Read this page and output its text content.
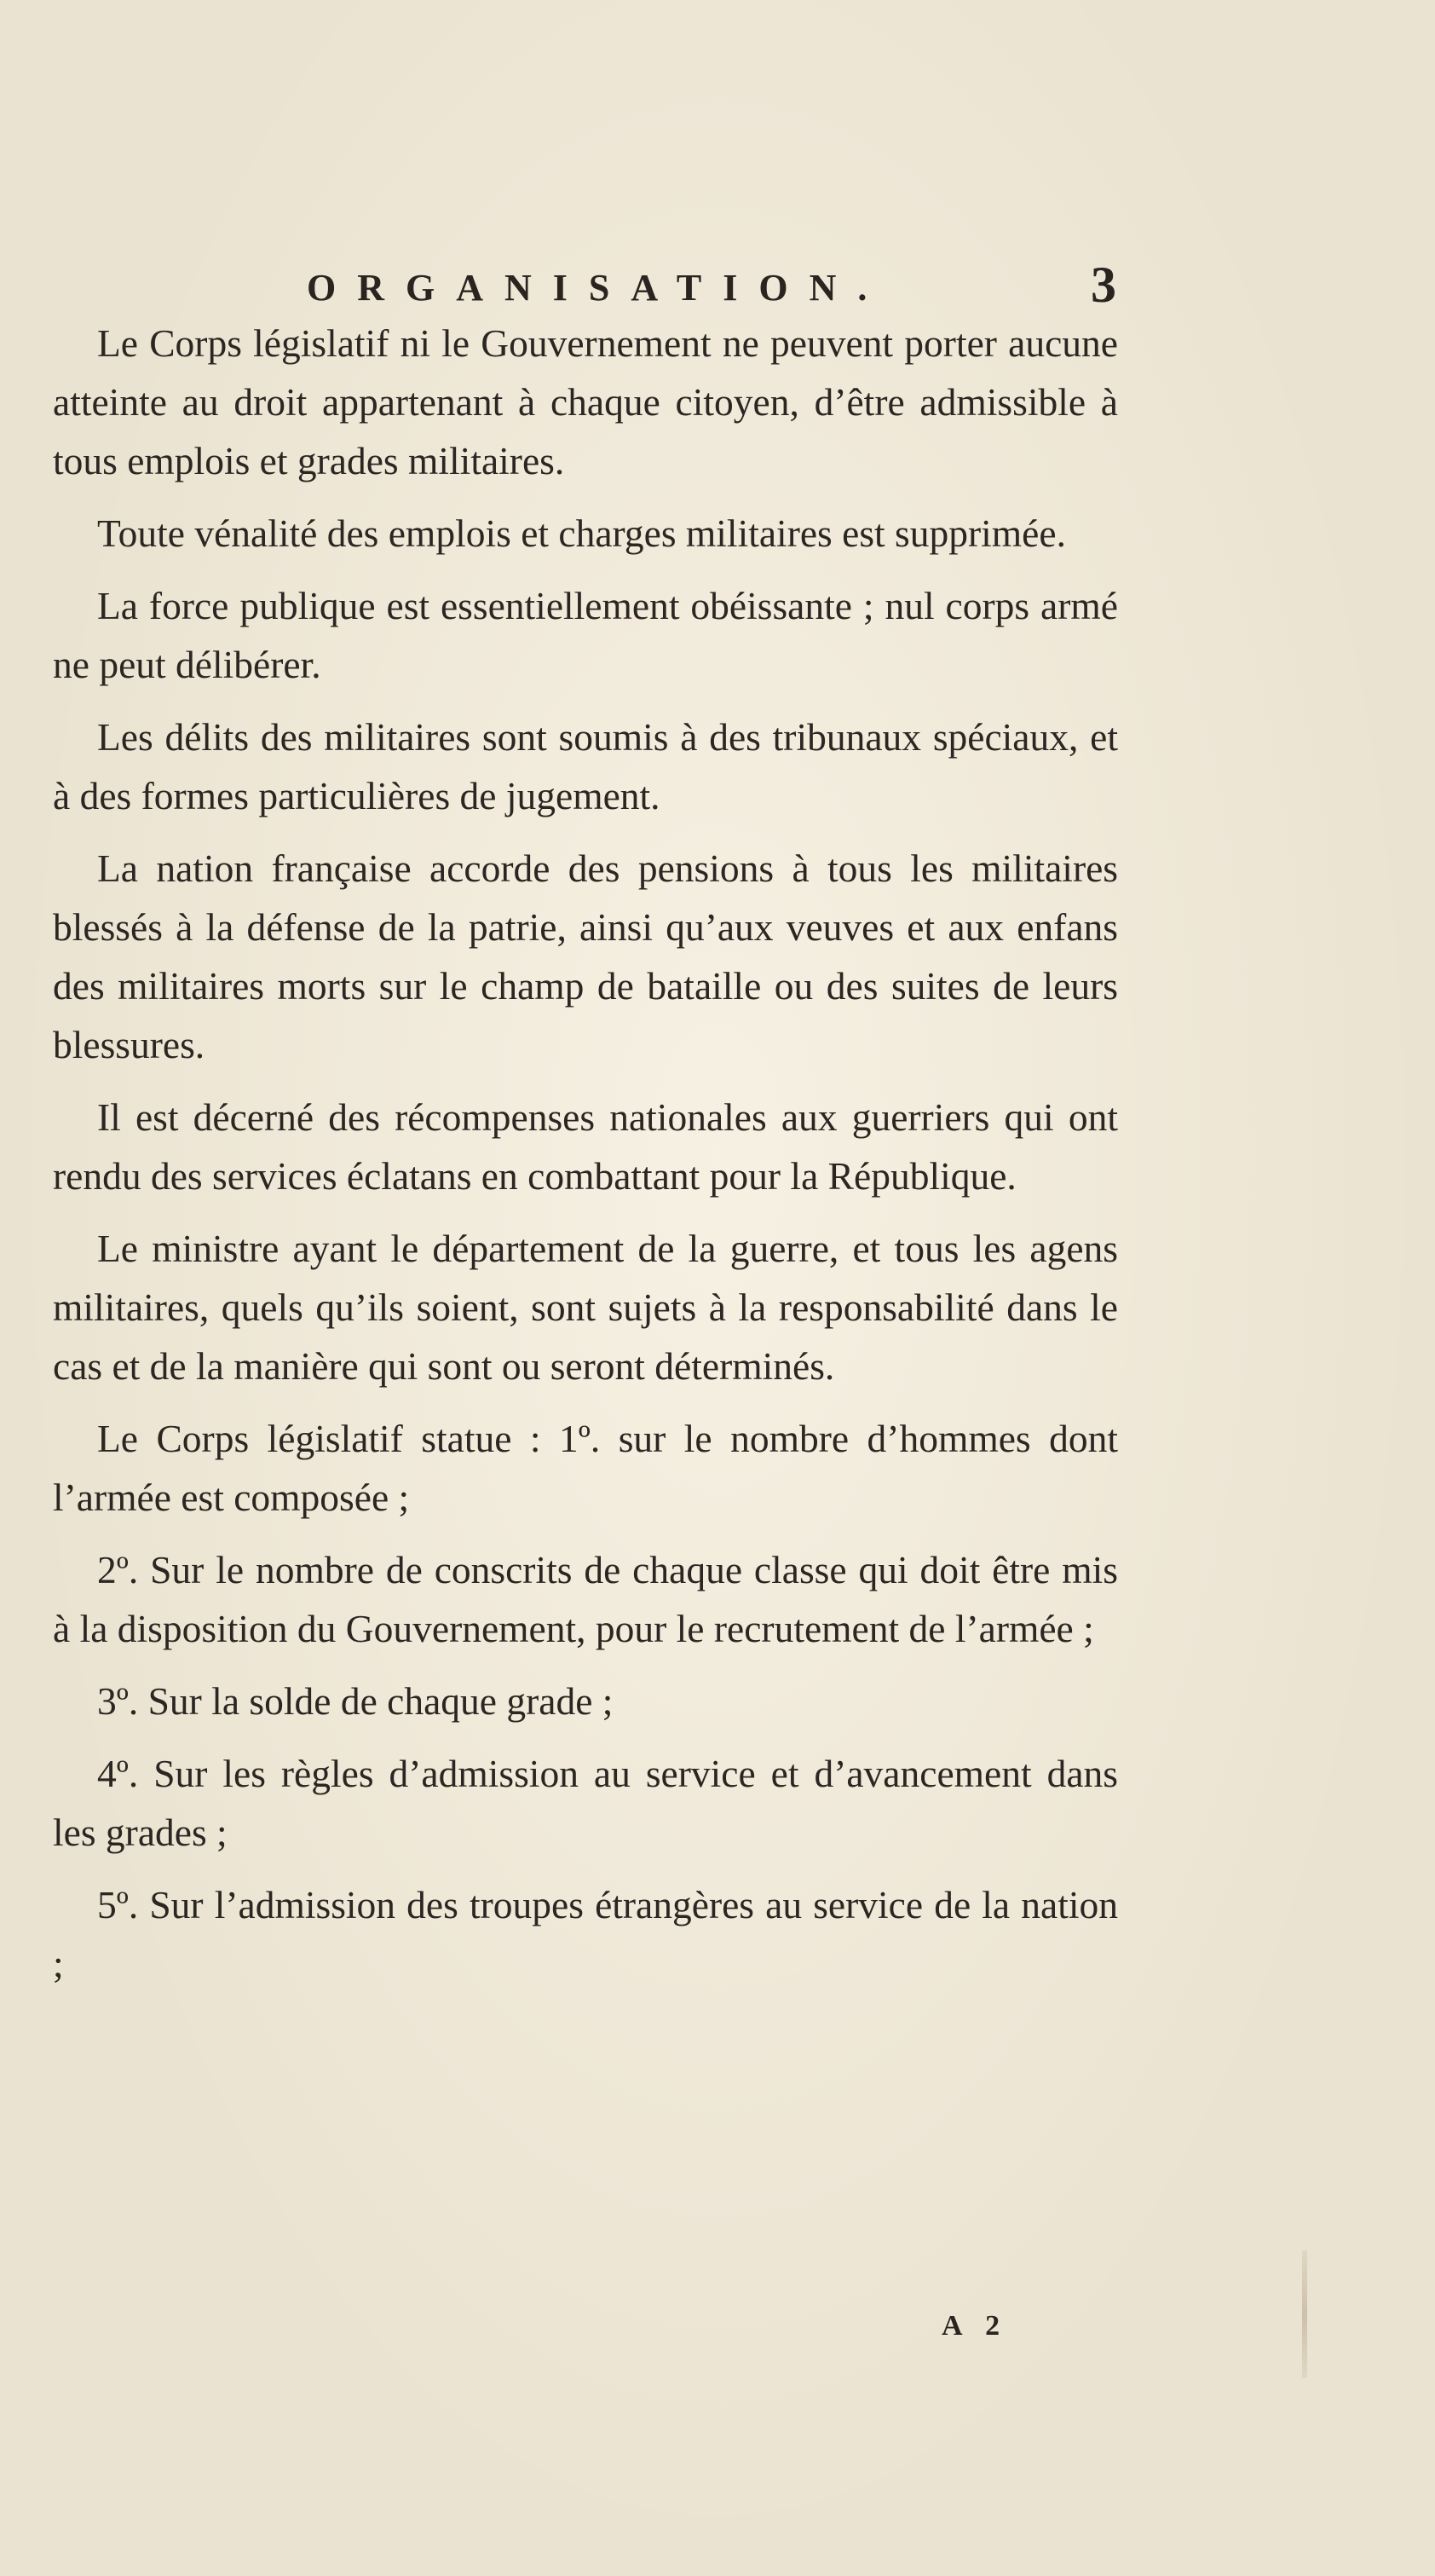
ORGANISATION.	3

Le Corps législatif ni le Gouvernement ne peuvent porter aucune atteinte au droit appartenant à chaque citoyen, d’être admissible à tous emplois et grades militaires.

Toute vénalité des emplois et charges militaires est supprimée.

La force publique est essentiellement obéissante ; nul corps armé ne peut délibérer.

Les délits des militaires sont soumis à des tribunaux spéciaux, et à des formes particulières de jugement.

La nation française accorde des pensions à tous les militaires blessés à la défense de la patrie, ainsi qu’aux veuves et aux enfans des militaires morts sur le champ de bataille ou des suites de leurs blessures.

Il est décerné des récompenses nationales aux guerriers qui ont rendu des services éclatans en combattant pour la République.

Le ministre ayant le département de la guerre, et tous les agens militaires, quels qu’ils soient, sont sujets à la responsabilité dans le cas et de la manière qui sont ou seront déterminés.

Le Corps législatif statue : 1º. sur le nombre d’hommes dont l’armée est composée ;

2º. Sur le nombre de conscrits de chaque classe qui doit être mis à la disposition du Gouvernement, pour le recrutement de l’armée ;

3º. Sur la solde de chaque grade ;

4º. Sur les règles d’admission au service et d’avancement dans les grades ;

5º. Sur l’admission des troupes étrangères au service de la nation ;

A 2
